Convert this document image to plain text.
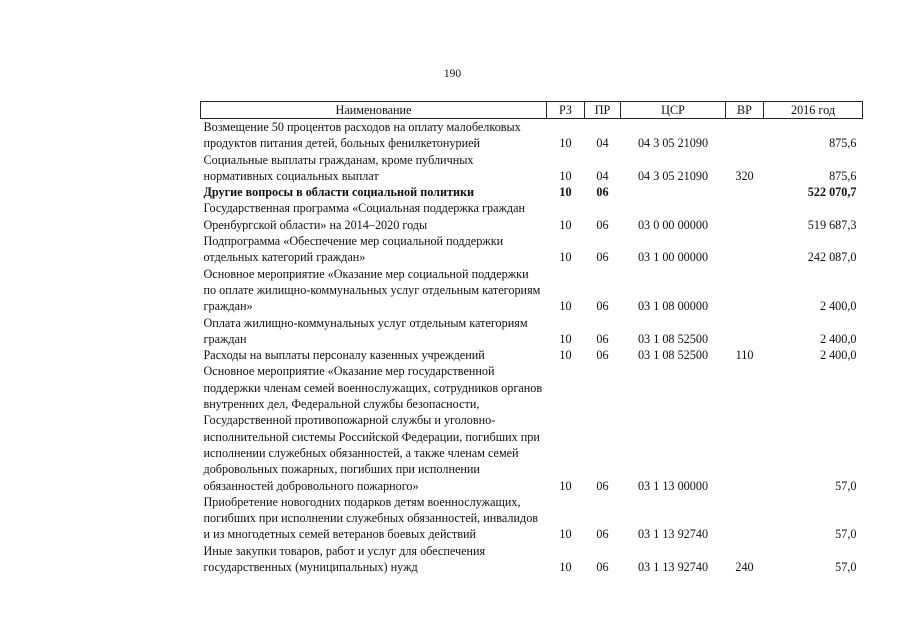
190
Наименование	РЗ	ПР	ЦСР	ВР	2016 год
Возмещение 50 процентов расходов на оплату малобелковых продуктов питания детей, больных фенилкетонурией	10	04	04 3 05 21090		875,6
Социальные выплаты гражданам, кроме публичных нормативных социальных выплат	10	04	04 3 05 21090	320	875,6
Другие вопросы в области социальной политики	10	06			522 070,7
Государственная программа «Социальная поддержка граждан Оренбургской области» на 2014–2020 годы	10	06	03 0 00 00000		519 687,3
Подпрограмма «Обеспечение мер социальной поддержки отдельных категорий граждан»	10	06	03 1 00 00000		242 087,0
Основное мероприятие «Оказание мер социальной поддержки по оплате жилищно-коммунальных услуг отдельным категориям граждан»	10	06	03 1 08 00000		2 400,0
Оплата жилищно-коммунальных услуг отдельным категориям граждан	10	06	03 1 08 52500		2 400,0
Расходы на выплаты персоналу казенных учреждений	10	06	03 1 08 52500	110	2 400,0
Основное мероприятие «Оказание мер государственной поддержки членам семей военнослужащих, сотрудников органов внутренних дел, Федеральной службы безопасности, Государственной противопожарной службы и уголовно-исполнительной системы Российской Федерации, погибших при исполнении служебных обязанностей, а также членам семей добровольных пожарных, погибших при исполнении обязанностей добровольного пожарного»	10	06	03 1 13 00000		57,0
Приобретение новогодних подарков детям военнослужащих, погибших при исполнении служебных обязанностей, инвалидов и из многодетных семей ветеранов боевых действий	10	06	03 1 13 92740		57,0
Иные закупки товаров, работ и услуг для обеспечения государственных (муниципальных) нужд	10	06	03 1 13 92740	240	57,0
